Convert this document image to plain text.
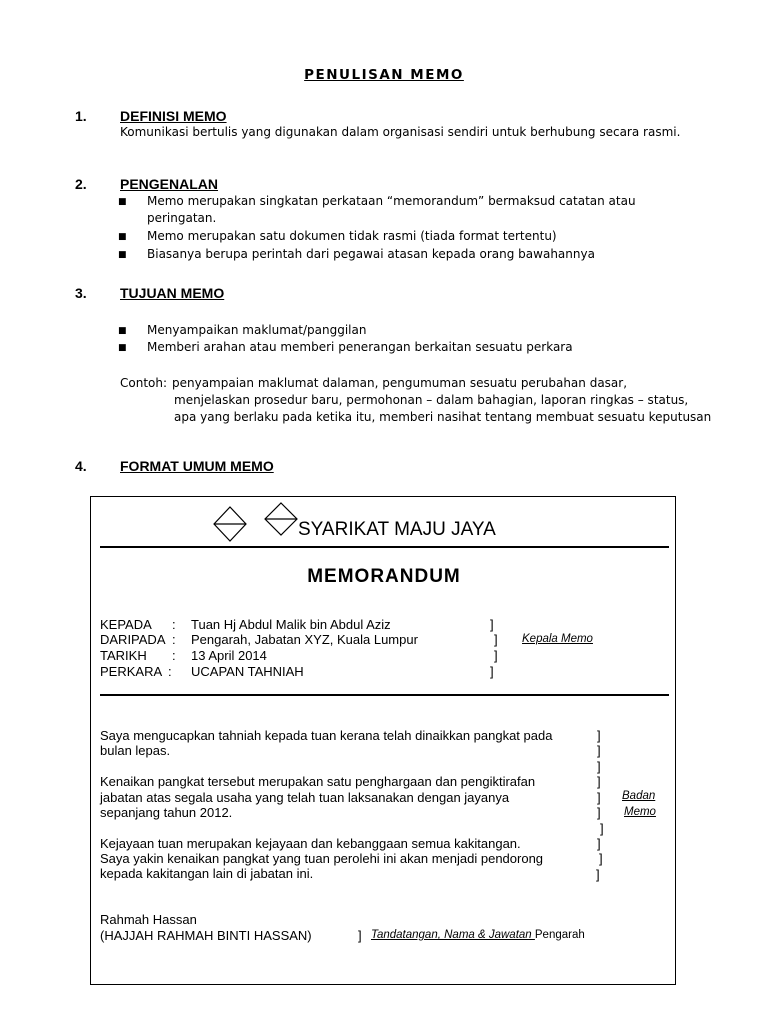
PENULISAN MEMO
1. DEFINISI MEMO
Komunikasi bertulis yang digunakan dalam organisasi sendiri untuk berhubung secara rasmi.
2. PENGENALAN
■ Memo merupakan singkatan perkataan “memorandum” bermaksud catatan atau
peringatan.
■ Memo merupakan satu dokumen tidak rasmi (tiada format tertentu)
■ Biasanya berupa perintah dari pegawai atasan kepada orang bawahannya
3. TUJUAN MEMO
■ Menyampaikan maklumat/panggilan
■ Memberi arahan atau memberi penerangan berkaitan sesuatu perkara
Contoh: penyampaian maklumat dalaman, pengumuman sesuatu perubahan dasar,
menjelaskan prosedur baru, permohonan – dalam bahagian, laporan ringkas – status,
apa yang berlaku pada ketika itu, memberi nasihat tentang membuat sesuatu keputusan
4. FORMAT UMUM MEMO
SYARIKAT MAJU JAYA
MEMORANDUM
KEPADA : Tuan Hj Abdul Malik bin Abdul Aziz	]
DARIPADA : Pengarah, Jabatan XYZ, Kuala Lumpur	] Kepala Memo
TARIKH : 13 April 2014	]
PERKARA : UCAPAN TAHNIAH	]
Saya mengucapkan tahniah kepada tuan kerana telah dinaikkan pangkat pada	]
bulan lepas.	]
]
Kenaikan pangkat tersebut merupakan satu penghargaan dan pengiktirafan	]
jabatan atas segala usaha yang telah tuan laksanakan dengan jayanya	] Badan
sepanjang tahun 2012.	] Memo
]
Kejayaan tuan merupakan kejayaan dan kebanggaan semua kakitangan.	]
Saya yakin kenaikan pangkat yang tuan perolehi ini akan menjadi pendorong	]
kepada kakitangan lain di jabatan ini.	]
Rahmah Hassan
(HAJJAH RAHMAH BINTI HASSAN)	] Tandatangan, Nama & Jawatan Pengarah
